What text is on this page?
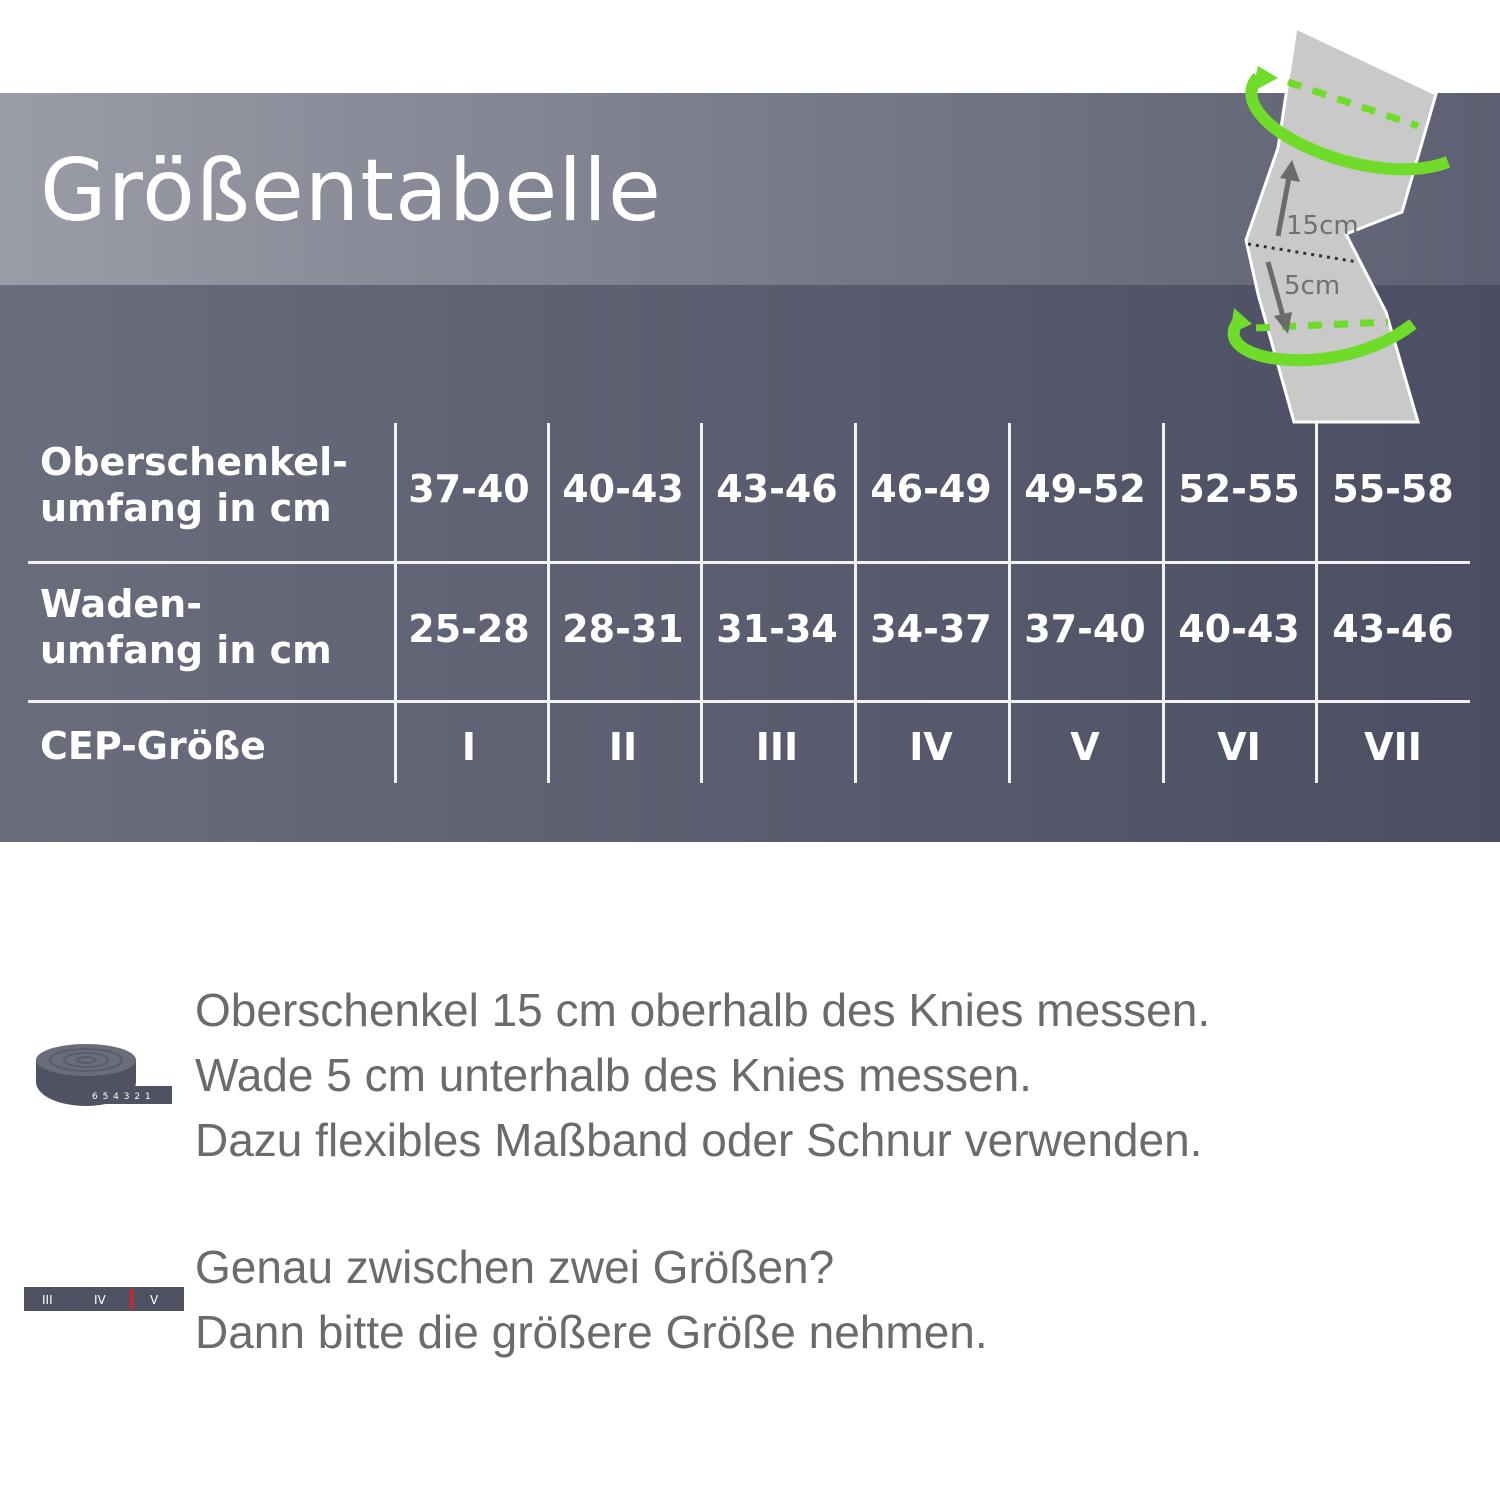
Größentabelle	15cm
5cm
Oberschenkel-
umfang in cm	37-40 40-43 43-46 46-49 49-52 52-55 55-58
Waden-
umfang in cm	25-28 28-31 31-34 34-37 37-40 40-43 43-46
CEP-Größe	I	II	III	IV	V	VI	VII
6 5 4 3 2 1
Oberschenkel 15 cm oberhalb des Knies messen.
Wade 5 cm unterhalb des Knies messen.
Dazu flexibles Maßband oder Schnur verwenden.
III	IV	V
Genau zwischen zwei Größen?
Dann bitte die größere Größe nehmen.
